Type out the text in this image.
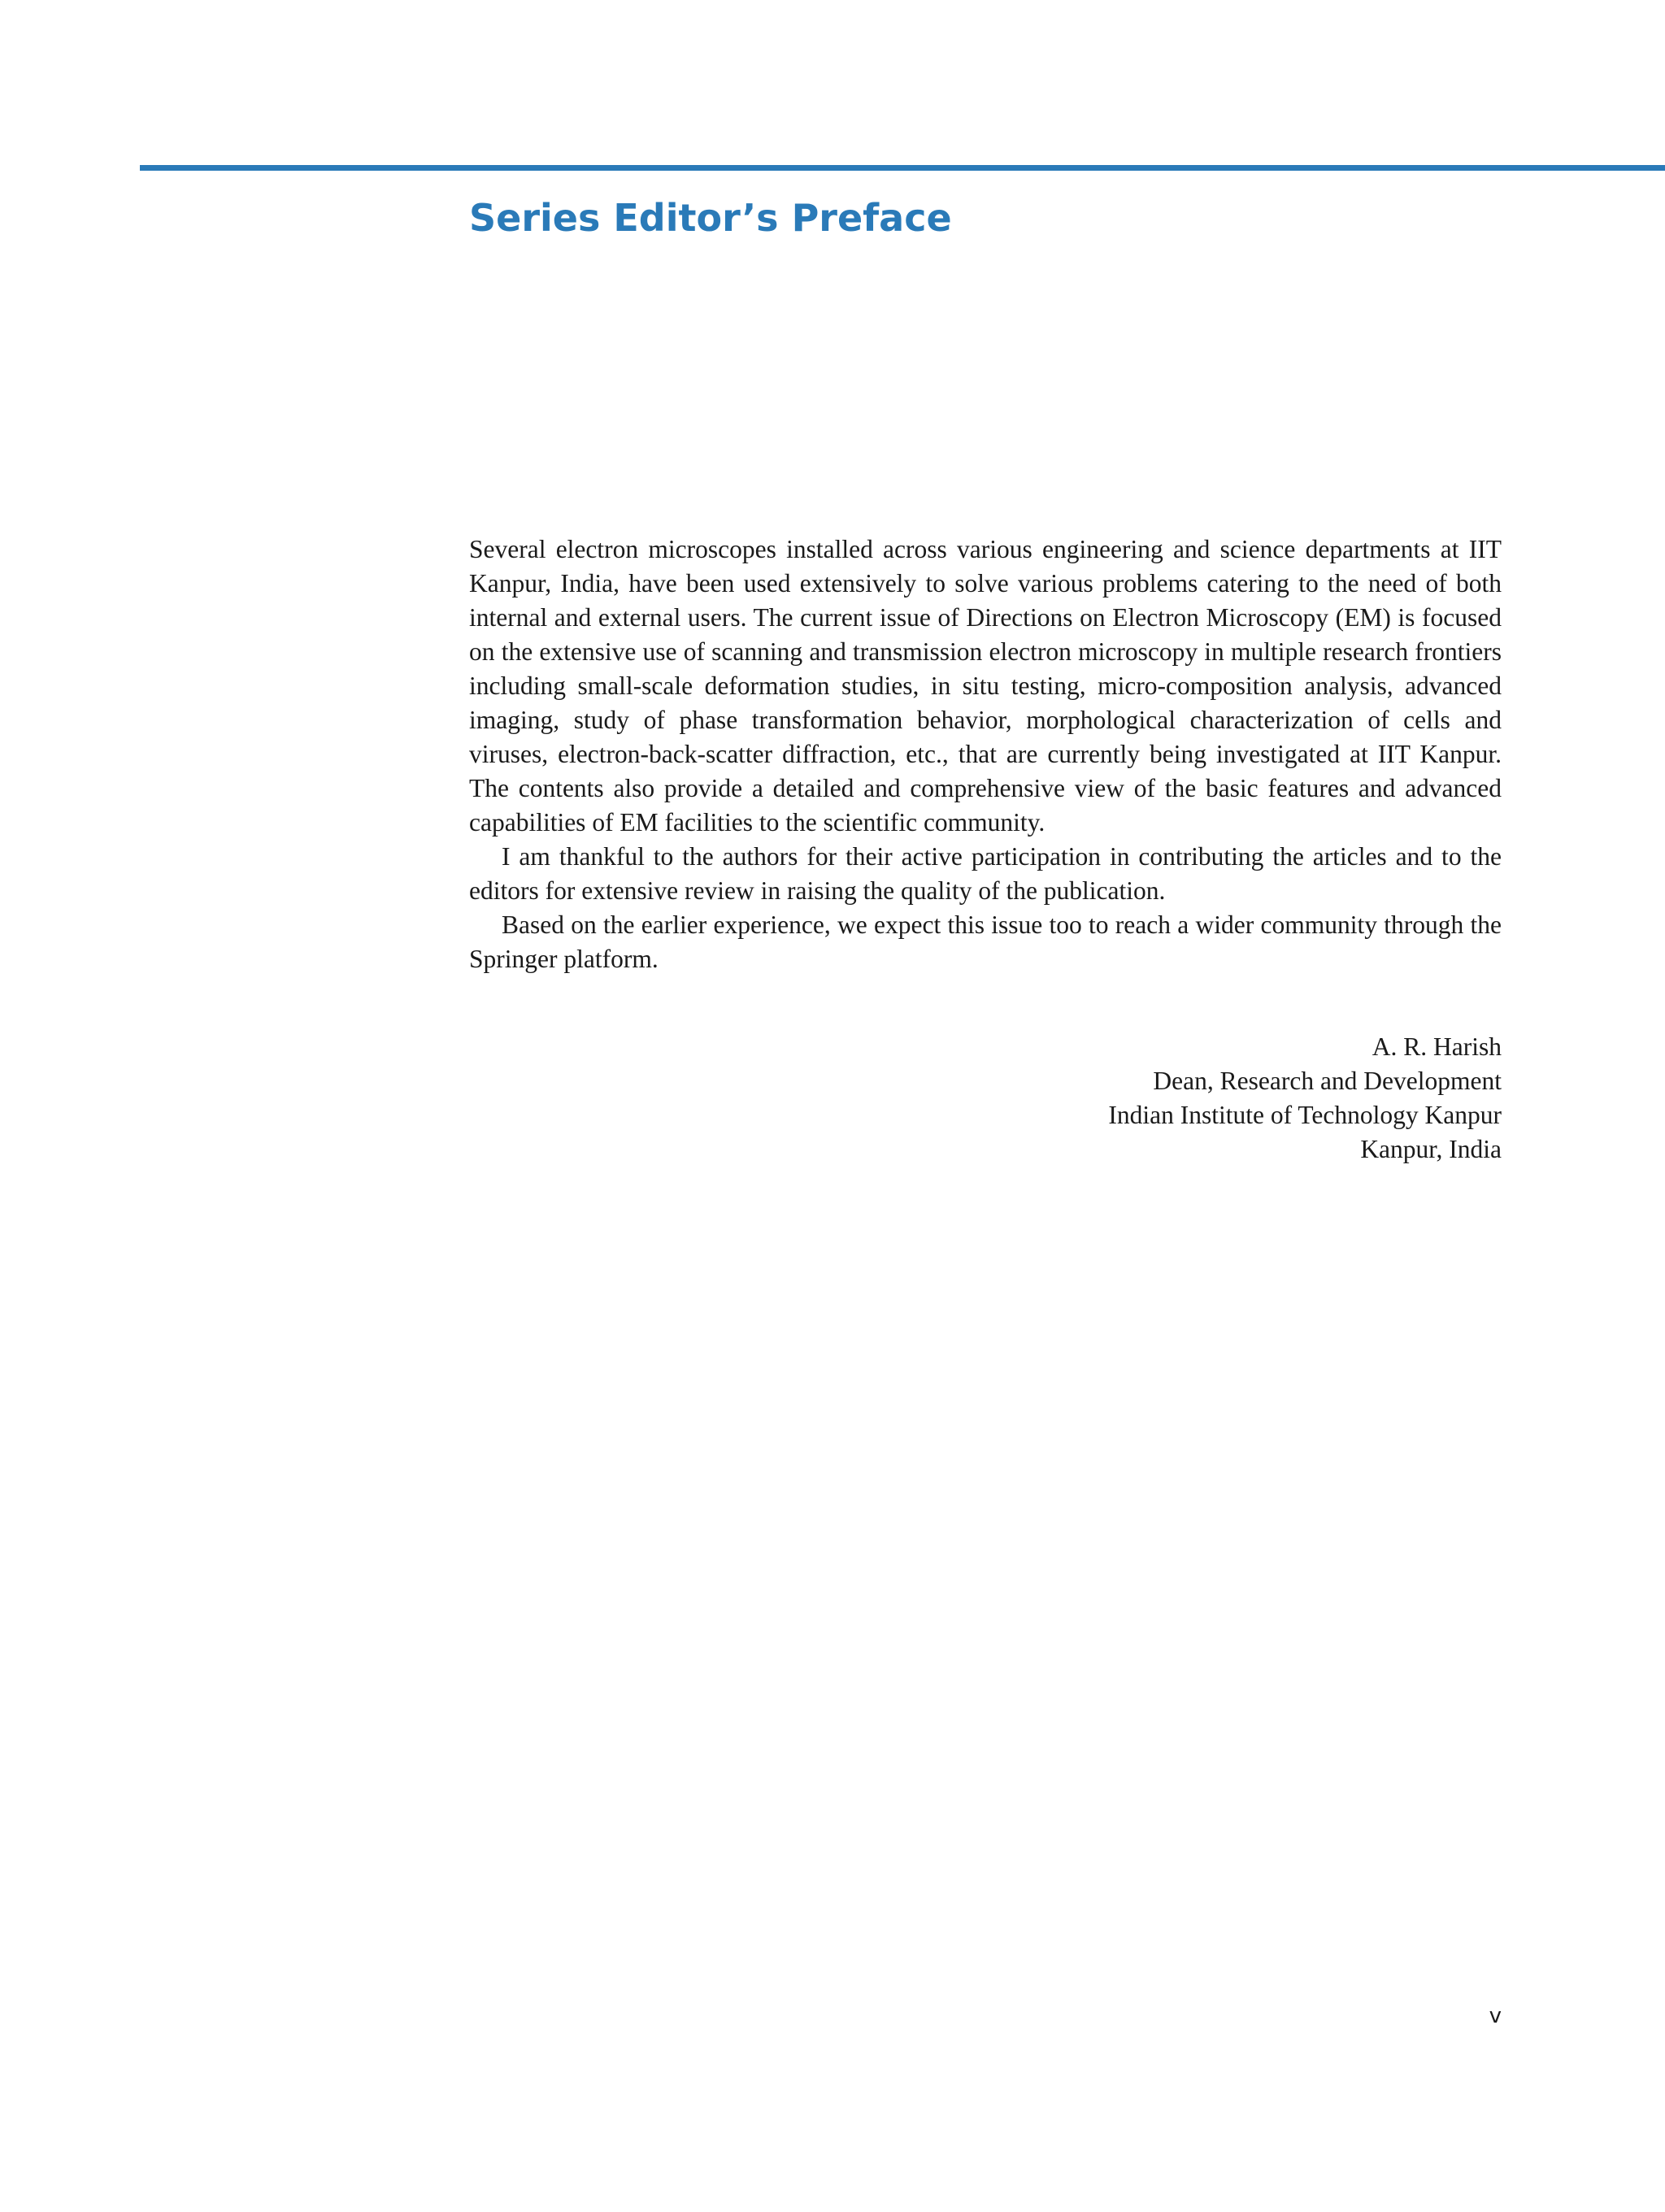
Series Editor’s Preface

Several electron microscopes installed across various engineering and science departments at IIT Kanpur, India, have been used extensively to solve various problems catering to the need of both internal and external users. The current issue of Directions on Electron Microscopy (EM) is focused on the extensive use of scanning and transmission electron microscopy in multiple research frontiers including small-scale deformation studies, in situ testing, micro-composition analysis, advanced imaging, study of phase transformation behavior, morphological characterization of cells and viruses, electron-back-scatter diffraction, etc., that are currently being investigated at IIT Kanpur. The contents also provide a detailed and comprehensive view of the basic features and advanced capabilities of EM facilities to the scientific community.

I am thankful to the authors for their active participation in contributing the articles and to the editors for extensive review in raising the quality of the publication.

Based on the earlier experience, we expect this issue too to reach a wider community through the Springer platform.

A. R. Harish
Dean, Research and Development
Indian Institute of Technology Kanpur
Kanpur, India
v
